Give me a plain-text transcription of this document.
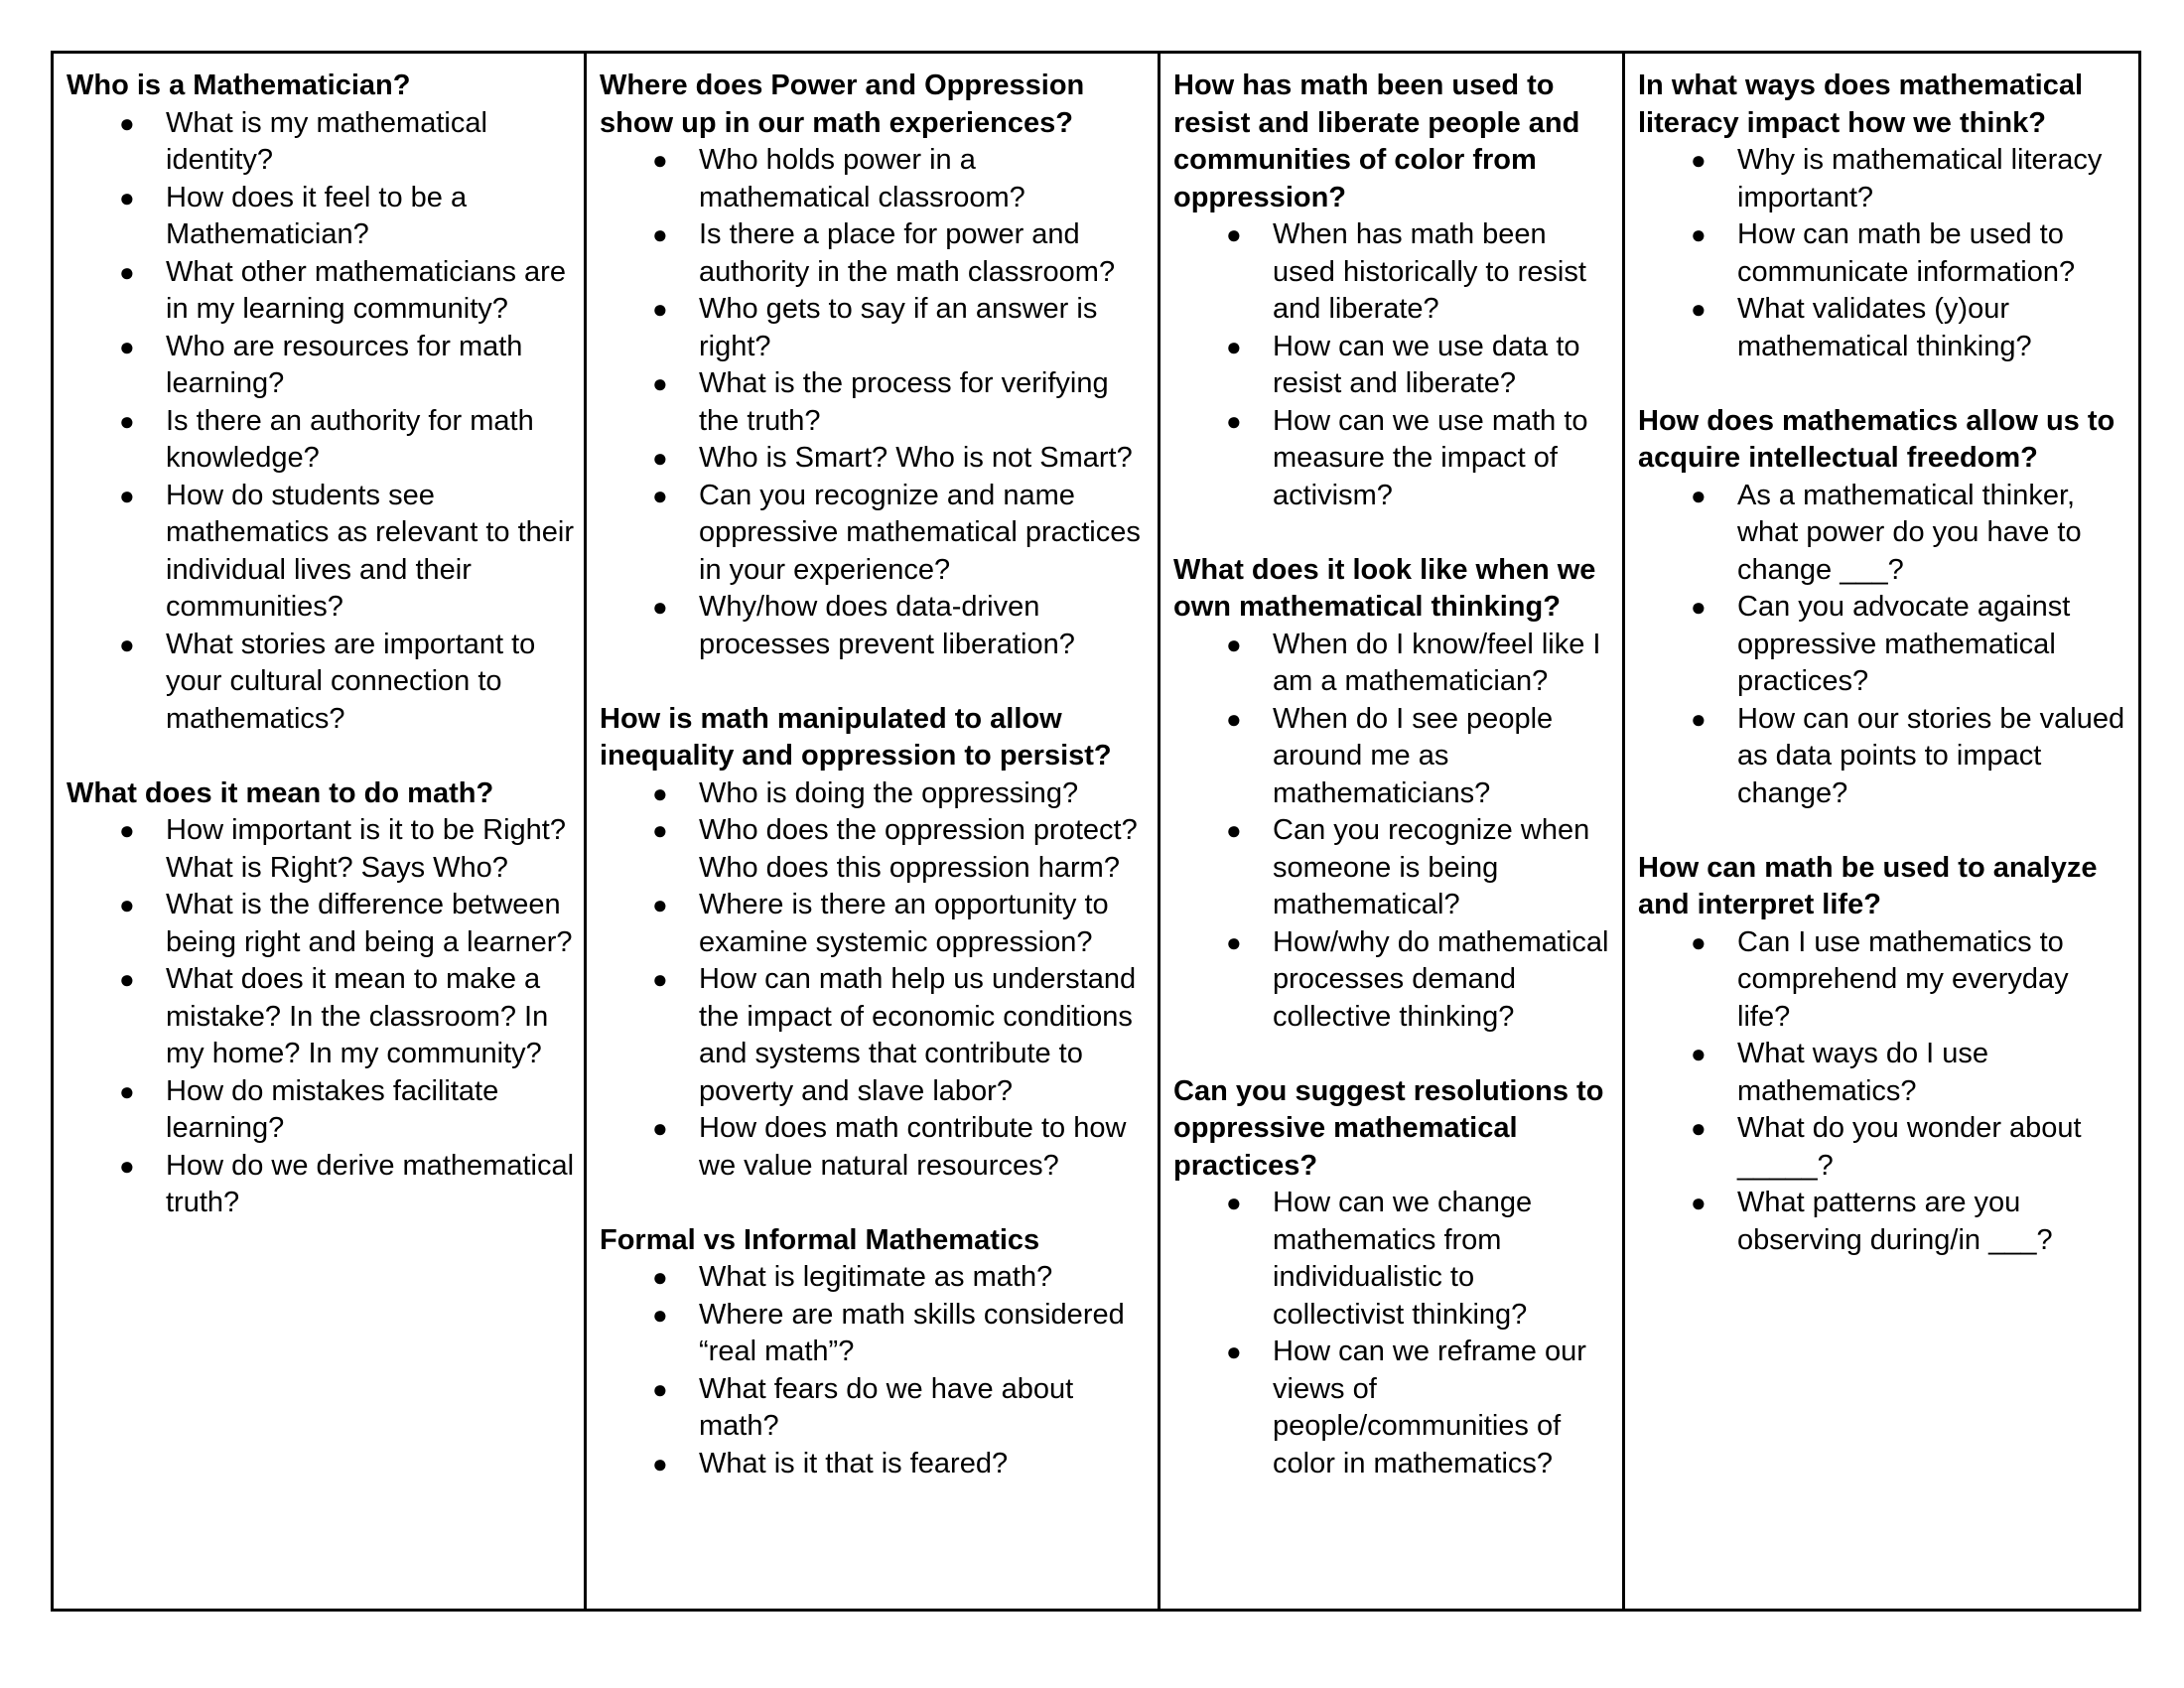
Who is a Mathematician?
● What is my mathematical identity?
● How does it feel to be a Mathematician?
● What other mathematicians are in my learning community?
● Who are resources for math learning?
● Is there an authority for math knowledge?
● How do students see mathematics as relevant to their individual lives and their communities?
● What stories are important to your cultural connection to mathematics?
What does it mean to do math?
● How important is it to be Right? What is Right? Says Who?
● What is the difference between being right and being a learner?
● What does it mean to make a mistake? In the classroom? In my home? In my community?
● How do mistakes facilitate learning?
● How do we derive mathematical truth?
Where does Power and Oppression show up in our math experiences?
● Who holds power in a mathematical classroom?
● Is there a place for power and authority in the math classroom?
● Who gets to say if an answer is right?
● What is the process for verifying the truth?
● Who is Smart? Who is not Smart?
● Can you recognize and name oppressive mathematical practices in your experience?
● Why/how does data-driven processes prevent liberation?
How is math manipulated to allow inequality and oppression to persist?
● Who is doing the oppressing?
● Who does the oppression protect? Who does this oppression harm?
● Where is there an opportunity to examine systemic oppression?
● How can math help us understand the impact of economic conditions and systems that contribute to poverty and slave labor?
● How does math contribute to how we value natural resources?
Formal vs Informal Mathematics
● What is legitimate as math?
● Where are math skills considered “real math”?
● What fears do we have about math?
● What is it that is feared?
How has math been used to resist and liberate people and communities of color from oppression?
● When has math been used historically to resist and liberate?
● How can we use data to resist and liberate?
● How can we use math to measure the impact of activism?
What does it look like when we own mathematical thinking?
● When do I know/feel like I am a mathematician?
● When do I see people around me as mathematicians?
● Can you recognize when someone is being mathematical?
● How/why do mathematical processes demand collective thinking?
Can you suggest resolutions to oppressive mathematical practices?
● How can we change mathematics from individualistic to collectivist thinking?
● How can we reframe our views of people/communities of color in mathematics?
In what ways does mathematical literacy impact how we think?
● Why is mathematical literacy important?
● How can math be used to communicate information?
● What validates (y)our mathematical thinking?
How does mathematics allow us to acquire intellectual freedom?
● As a mathematical thinker, what power do you have to change ___?
● Can you advocate against oppressive mathematical practices?
● How can our stories be valued as data points to impact change?
How can math be used to analyze and interpret life?
● Can I use mathematics to comprehend my everyday life?
● What ways do I use mathematics?
● What do you wonder about _____?
● What patterns are you observing during/in ___?
